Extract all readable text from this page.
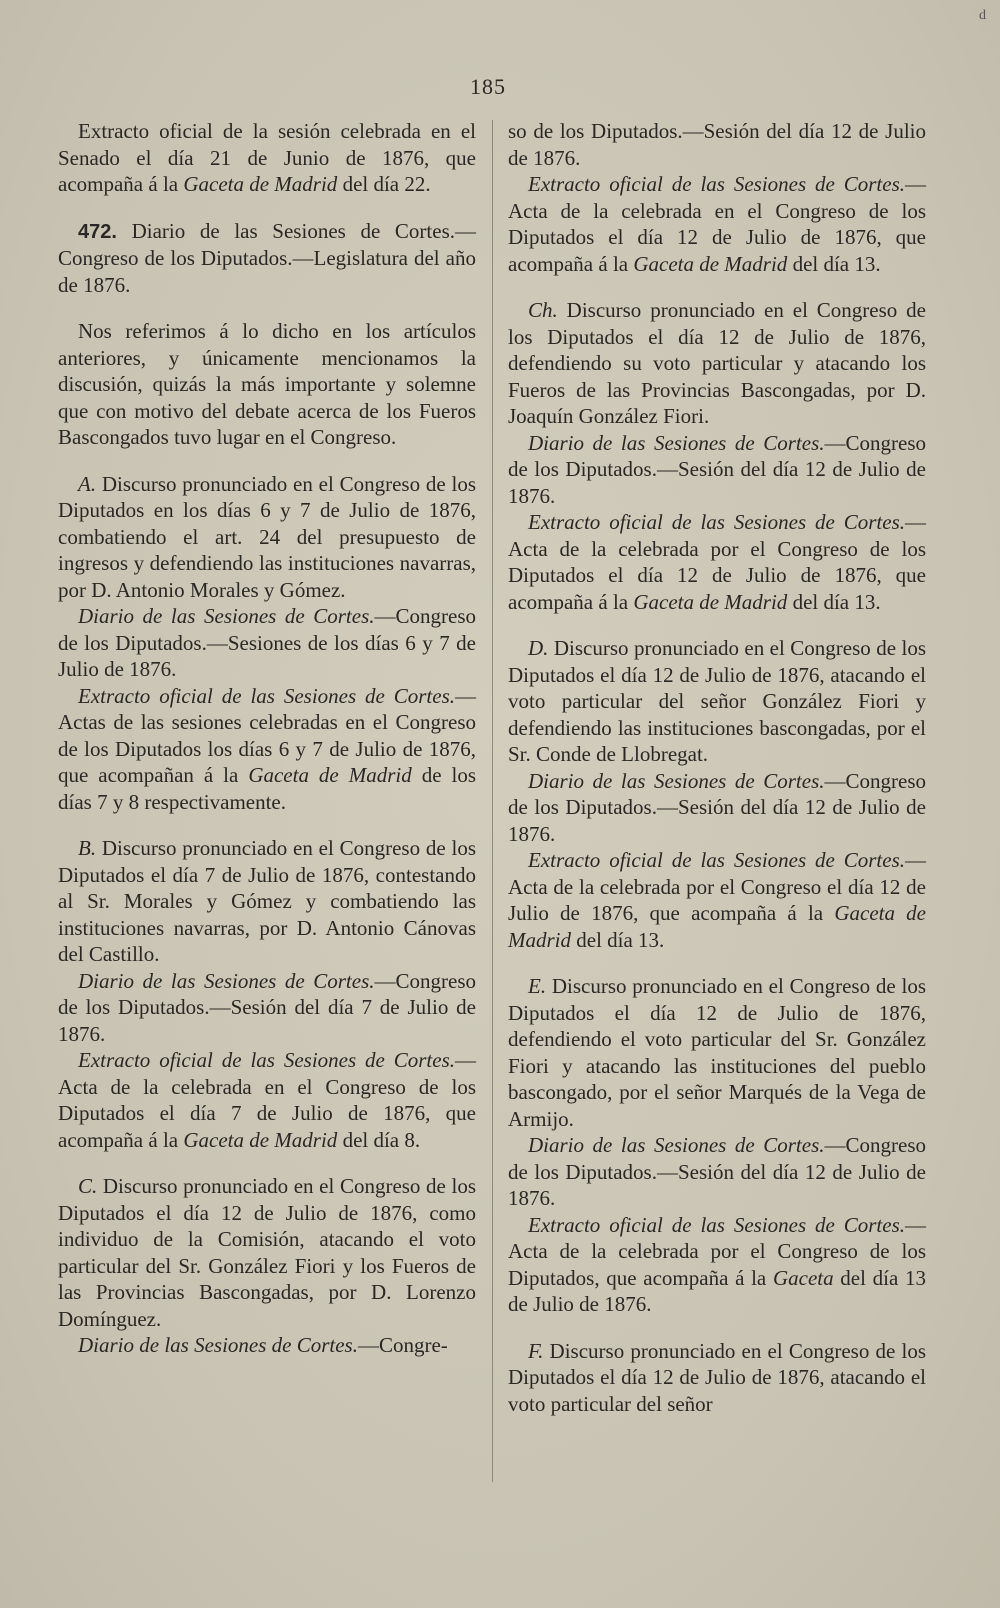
d
185

Extracto oficial de la sesión celebrada en el Senado el día 21 de Junio de 1876, que acompaña á la Gaceta de Madrid del día 22.

472. Diario de las Sesiones de Cortes.—Congreso de los Diputados.—Legislatura del año de 1876.

Nos referimos á lo dicho en los artículos anteriores, y únicamente mencionamos la discusión, quizás la más importante y solemne que con motivo del debate acerca de los Fueros Bascongados tuvo lugar en el Congreso.

A. Discurso pronunciado en el Congreso de los Diputados en los días 6 y 7 de Julio de 1876, combatiendo el art. 24 del presupuesto de ingresos y defendiendo las instituciones navarras, por D. Antonio Morales y Gómez.

Diario de las Sesiones de Cortes.—Congreso de los Diputados.—Sesiones de los días 6 y 7 de Julio de 1876.

Extracto oficial de las Sesiones de Cortes.—Actas de las sesiones celebradas en el Congreso de los Diputados los días 6 y 7 de Julio de 1876, que acompañan á la Gaceta de Madrid de los días 7 y 8 respectivamente.

B. Discurso pronunciado en el Congreso de los Diputados el día 7 de Julio de 1876, contestando al Sr. Morales y Gómez y combatiendo las instituciones navarras, por D. Antonio Cánovas del Castillo.

Diario de las Sesiones de Cortes.—Congreso de los Diputados.—Sesión del día 7 de Julio de 1876.

Extracto oficial de las Sesiones de Cortes.—Acta de la celebrada en el Congreso de los Diputados el día 7 de Julio de 1876, que acompaña á la Gaceta de Madrid del día 8.

C. Discurso pronunciado en el Congreso de los Diputados el día 12 de Julio de 1876, como individuo de la Comisión, atacando el voto particular del Sr. González Fiori y los Fueros de las Provincias Bascongadas, por D. Lorenzo Domínguez.

Diario de las Sesiones de Cortes.—Congre-

so de los Diputados.—Sesión del día 12 de Julio de 1876.

Extracto oficial de las Sesiones de Cortes.—Acta de la celebrada en el Congreso de los Diputados el día 12 de Julio de 1876, que acompaña á la Gaceta de Madrid del día 13.

Ch. Discurso pronunciado en el Congreso de los Diputados el día 12 de Julio de 1876, defendiendo su voto particular y atacando los Fueros de las Provincias Bascongadas, por D. Joaquín González Fiori.

Diario de las Sesiones de Cortes.—Congreso de los Diputados.—Sesión del día 12 de Julio de 1876.

Extracto oficial de las Sesiones de Cortes.—Acta de la celebrada por el Congreso de los Diputados el día 12 de Julio de 1876, que acompaña á la Gaceta de Madrid del día 13.

D. Discurso pronunciado en el Congreso de los Diputados el día 12 de Julio de 1876, atacando el voto particular del señor González Fiori y defendiendo las instituciones bascongadas, por el Sr. Conde de Llobregat.

Diario de las Sesiones de Cortes.—Congreso de los Diputados.—Sesión del día 12 de Julio de 1876.

Extracto oficial de las Sesiones de Cortes.—Acta de la celebrada por el Congreso el día 12 de Julio de 1876, que acompaña á la Gaceta de Madrid del día 13.

E. Discurso pronunciado en el Congreso de los Diputados el día 12 de Julio de 1876, defendiendo el voto particular del Sr. González Fiori y atacando las instituciones del pueblo bascongado, por el señor Marqués de la Vega de Armijo.

Diario de las Sesiones de Cortes.—Congreso de los Diputados.—Sesión del día 12 de Julio de 1876.

Extracto oficial de las Sesiones de Cortes.—Acta de la celebrada por el Congreso de los Diputados, que acompaña á la Gaceta del día 13 de Julio de 1876.

F. Discurso pronunciado en el Congreso de los Diputados el día 12 de Julio de 1876, atacando el voto particular del señor
